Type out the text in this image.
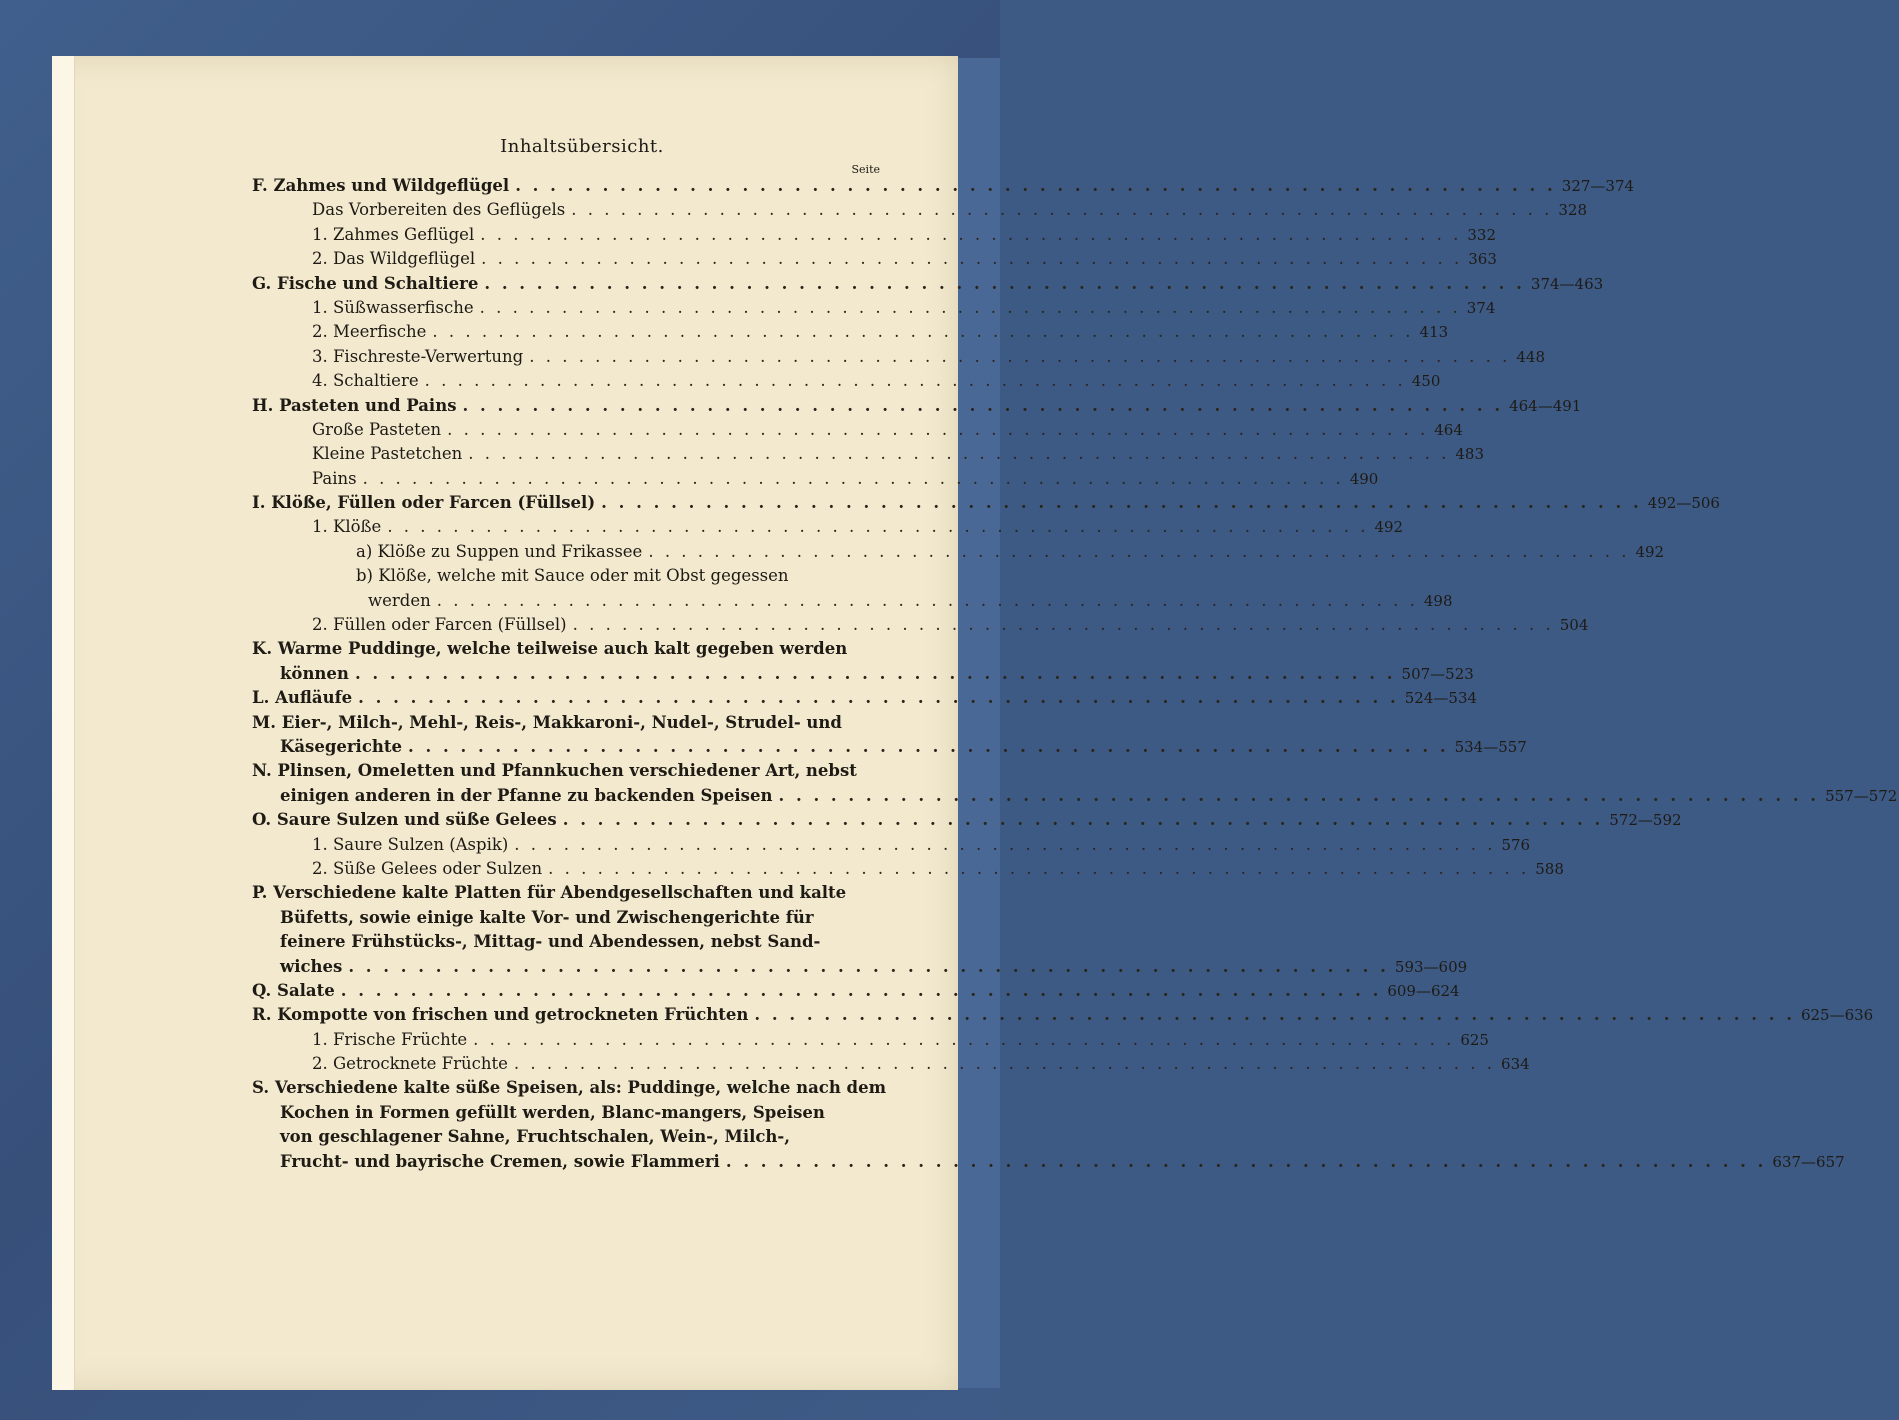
Inhaltsübersicht.
Seite
F. Zahmes und Wildgeflügel . . . . . . . . . . . . . . . . . . . . . . . . . . . . . . . . . . . . . . . . . . . . . . . . . . . . . . . . . . . . 327—374
Das Vorbereiten des Geflügels . . . . . . . . . . . . . . . . . . . . . . . . . . . . . . . . . . . . . . . . . . . . . . . . . . . . . . . . . . . . 328
1. Zahmes Geflügel . . . . . . . . . . . . . . . . . . . . . . . . . . . . . . . . . . . . . . . . . . . . . . . . . . . . . . . . . . . . 332
2. Das Wildgeflügel . . . . . . . . . . . . . . . . . . . . . . . . . . . . . . . . . . . . . . . . . . . . . . . . . . . . . . . . . . . . 363
G. Fische und Schaltiere . . . . . . . . . . . . . . . . . . . . . . . . . . . . . . . . . . . . . . . . . . . . . . . . . . . . . . . . . . . . 374—463
1. Süßwasserfische . . . . . . . . . . . . . . . . . . . . . . . . . . . . . . . . . . . . . . . . . . . . . . . . . . . . . . . . . . . . 374
2. Meerfische . . . . . . . . . . . . . . . . . . . . . . . . . . . . . . . . . . . . . . . . . . . . . . . . . . . . . . . . . . . . 413
3. Fischreste-Verwertung . . . . . . . . . . . . . . . . . . . . . . . . . . . . . . . . . . . . . . . . . . . . . . . . . . . . . . . . . . . . 448
4. Schaltiere . . . . . . . . . . . . . . . . . . . . . . . . . . . . . . . . . . . . . . . . . . . . . . . . . . . . . . . . . . . . 450
H. Pasteten und Pains . . . . . . . . . . . . . . . . . . . . . . . . . . . . . . . . . . . . . . . . . . . . . . . . . . . . . . . . . . . . 464—491
Große Pasteten . . . . . . . . . . . . . . . . . . . . . . . . . . . . . . . . . . . . . . . . . . . . . . . . . . . . . . . . . . . . 464
Kleine Pastetchen . . . . . . . . . . . . . . . . . . . . . . . . . . . . . . . . . . . . . . . . . . . . . . . . . . . . . . . . . . . . 483
Pains . . . . . . . . . . . . . . . . . . . . . . . . . . . . . . . . . . . . . . . . . . . . . . . . . . . . . . . . . . . . 490
I. Klöße, Füllen oder Farcen (Füllsel) . . . . . . . . . . . . . . . . . . . . . . . . . . . . . . . . . . . . . . . . . . . . . . . . . . . . . . . . . . . . 492—506
1. Klöße . . . . . . . . . . . . . . . . . . . . . . . . . . . . . . . . . . . . . . . . . . . . . . . . . . . . . . . . . . . . 492
a) Klöße zu Suppen und Frikassee . . . . . . . . . . . . . . . . . . . . . . . . . . . . . . . . . . . . . . . . . . . . . . . . . . . . . . . . . . . . 492
b) Klöße, welche mit Sauce oder mit Obst gegessen
werden . . . . . . . . . . . . . . . . . . . . . . . . . . . . . . . . . . . . . . . . . . . . . . . . . . . . . . . . . . . . 498
2. Füllen oder Farcen (Füllsel) . . . . . . . . . . . . . . . . . . . . . . . . . . . . . . . . . . . . . . . . . . . . . . . . . . . . . . . . . . . . 504
K. Warme Puddinge, welche teilweise auch kalt gegeben werden
können . . . . . . . . . . . . . . . . . . . . . . . . . . . . . . . . . . . . . . . . . . . . . . . . . . . . . . . . . . . . 507—523
L. Aufläufe . . . . . . . . . . . . . . . . . . . . . . . . . . . . . . . . . . . . . . . . . . . . . . . . . . . . . . . . . . . . 524—534
M. Eier-, Milch-, Mehl-, Reis-, Makkaroni-, Nudel-, Strudel- und
Käsegerichte . . . . . . . . . . . . . . . . . . . . . . . . . . . . . . . . . . . . . . . . . . . . . . . . . . . . . . . . . . . . 534—557
N. Plinsen, Omeletten und Pfannkuchen verschiedener Art, nebst
einigen anderen in der Pfanne zu backenden Speisen . . . . . . . . . . . . . . . . . . . . . . . . . . . . . . . . . . . . . . . . . . . . . . . . . . . . . . . . . . . . 557—572
O. Saure Sulzen und süße Gelees . . . . . . . . . . . . . . . . . . . . . . . . . . . . . . . . . . . . . . . . . . . . . . . . . . . . . . . . . . . . 572—592
1. Saure Sulzen (Aspik) . . . . . . . . . . . . . . . . . . . . . . . . . . . . . . . . . . . . . . . . . . . . . . . . . . . . . . . . . . . . 576
2. Süße Gelees oder Sulzen . . . . . . . . . . . . . . . . . . . . . . . . . . . . . . . . . . . . . . . . . . . . . . . . . . . . . . . . . . . . 588
P. Verschiedene kalte Platten für Abendgesellschaften und kalte
Büfetts, sowie einige kalte Vor- und Zwischengerichte für
feinere Frühstücks-, Mittag- und Abendessen, nebst Sand-
wiches . . . . . . . . . . . . . . . . . . . . . . . . . . . . . . . . . . . . . . . . . . . . . . . . . . . . . . . . . . . . 593—609
Q. Salate . . . . . . . . . . . . . . . . . . . . . . . . . . . . . . . . . . . . . . . . . . . . . . . . . . . . . . . . . . . . 609—624
R. Kompotte von frischen und getrockneten Früchten . . . . . . . . . . . . . . . . . . . . . . . . . . . . . . . . . . . . . . . . . . . . . . . . . . . . . . . . . . . . 625—636
1. Frische Früchte . . . . . . . . . . . . . . . . . . . . . . . . . . . . . . . . . . . . . . . . . . . . . . . . . . . . . . . . . . . . 625
2. Getrocknete Früchte . . . . . . . . . . . . . . . . . . . . . . . . . . . . . . . . . . . . . . . . . . . . . . . . . . . . . . . . . . . . 634
S. Verschiedene kalte süße Speisen, als: Puddinge, welche nach dem
Kochen in Formen gefüllt werden, Blanc-mangers, Speisen
von geschlagener Sahne, Fruchtschalen, Wein-, Milch-,
Frucht- und bayrische Cremen, sowie Flammeri . . . . . . . . . . . . . . . . . . . . . . . . . . . . . . . . . . . . . . . . . . . . . . . . . . . . . . . . . . . . 637—657
